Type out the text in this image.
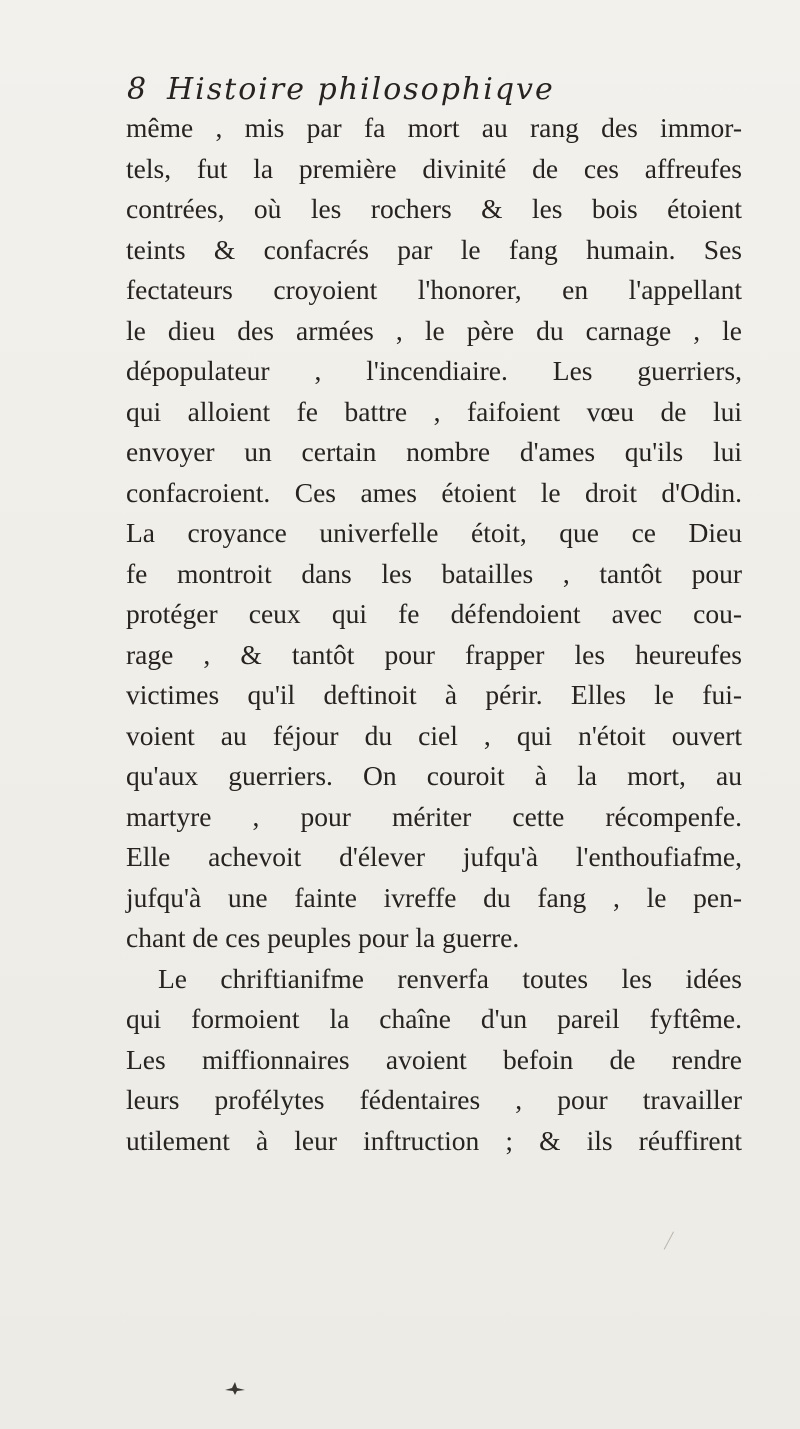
8 Histoire philosophiqve
même , mis par fa mort au rang des immor-
tels, fut la première divinité de ces affreufes
contrées, où les rochers & les bois étoient
teints & confacrés par le fang humain. Ses
fectateurs croyoient l'honorer, en l'appellant
le dieu des armées , le père du carnage , le
dépopulateur , l'incendiaire. Les guerriers,
qui alloient fe battre , faifoient vœu de lui
envoyer un certain nombre d'ames qu'ils lui
confacroient. Ces ames étoient le droit d'Odin.
La croyance univerfelle étoit, que ce Dieu
fe montroit dans les batailles , tantôt pour
protéger ceux qui fe défendoient avec cou-
rage , & tantôt pour frapper les heureufes
victimes qu'il deftinoit à périr. Elles le fui-
voient au féjour du ciel , qui n'étoit ouvert
qu'aux guerriers. On couroit à la mort, au
martyre , pour mériter cette récompenfe.
Elle achevoit d'élever jufqu'à l'enthoufiafme,
jufqu'à une fainte ivreffe du fang , le pen-
chant de ces peuples pour la guerre.
Le chriftianifme renverfa toutes les idées
qui formoient la chaîne d'un pareil fyftême.
Les miffionnaires avoient befoin de rendre
leurs profélytes fédentaires , pour travailler
utilement à leur inftruction ; & ils réuffirent
